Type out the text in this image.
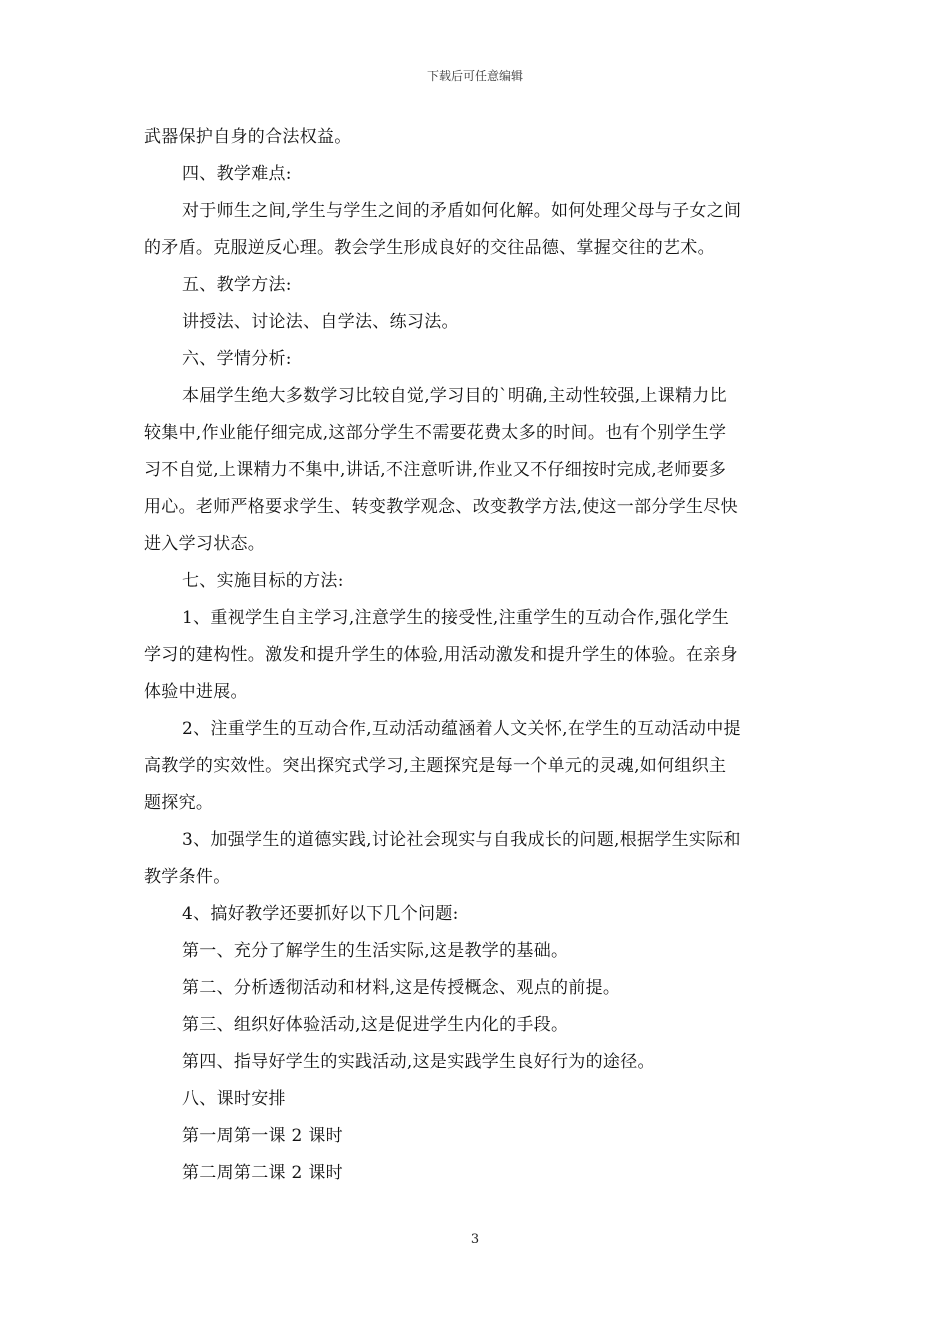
下载后可任意编辑
武器保护自身的合法权益。
四、教学难点:
对于师生之间,学生与学生之间的矛盾如何化解。如何处理父母与子女之间
的矛盾。克服逆反心理。教会学生形成良好的交往品德、掌握交往的艺术。
五、教学方法:
讲授法、讨论法、自学法、练习法。
六、学情分析:
本届学生绝大多数学习比较自觉,学习目的`明确,主动性较强,上课精力比
较集中,作业能仔细完成,这部分学生不需要花费太多的时间。也有个别学生学
习不自觉,上课精力不集中,讲话,不注意听讲,作业又不仔细按时完成,老师要多
用心。老师严格要求学生、转变教学观念、改变教学方法,使这一部分学生尽快
进入学习状态。
七、实施目标的方法:
1、重视学生自主学习,注意学生的接受性,注重学生的互动合作,强化学生
学习的建构性。激发和提升学生的体验,用活动激发和提升学生的体验。在亲身
体验中进展。
2、注重学生的互动合作,互动活动蕴涵着人文关怀,在学生的互动活动中提
高教学的实效性。突出探究式学习,主题探究是每一个单元的灵魂,如何组织主
题探究。
3、加强学生的道德实践,讨论社会现实与自我成长的问题,根据学生实际和
教学条件。
4、搞好教学还要抓好以下几个问题:
第一、充分了解学生的生活实际,这是教学的基础。
第二、分析透彻活动和材料,这是传授概念、观点的前提。
第三、组织好体验活动,这是促进学生内化的手段。
第四、指导好学生的实践活动,这是实践学生良好行为的途径。
八、课时安排
第一周第一课 2 课时
第二周第二课 2 课时
3
